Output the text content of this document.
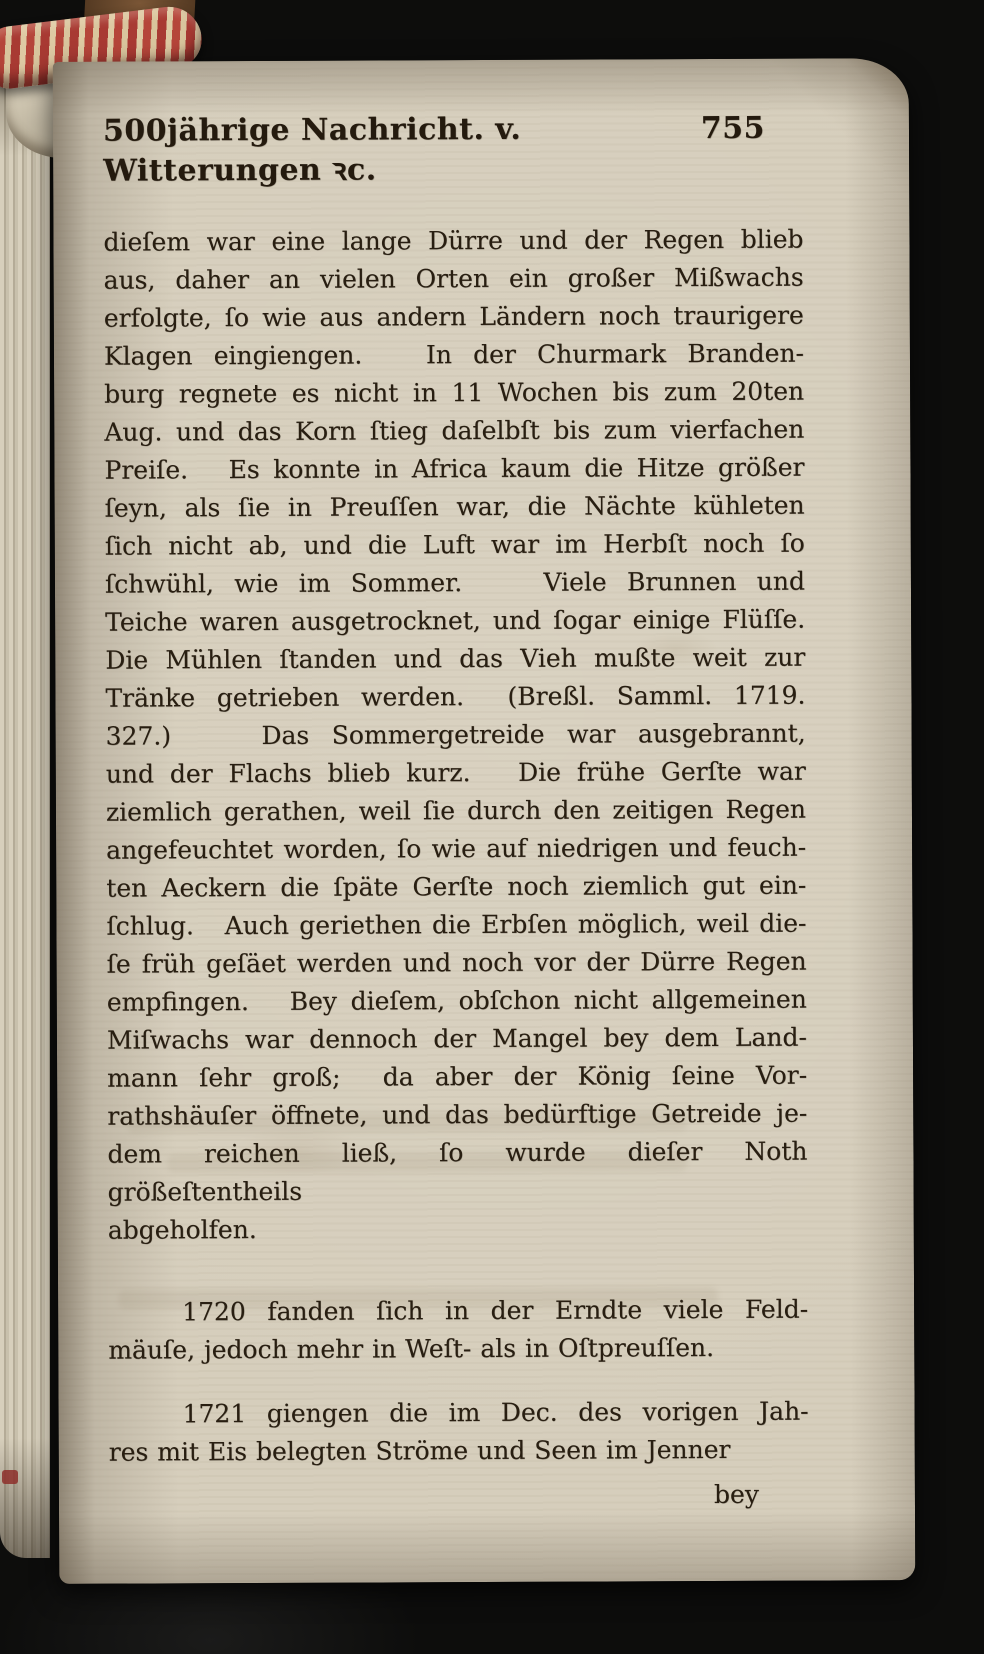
500jährige Nachricht. v. Witterungen ꝛc.
755
dieſem war eine lange Dürre und der Regen blieb
aus, daher an vielen Orten ein großer Mißwachs
erfolgte, ſo wie aus andern Ländern noch traurigere
Klagen eingiengen.   In der Churmark Branden-
burg regnete es nicht in 11 Wochen bis zum 20ten
Aug. und das Korn ſtieg daſelbſt bis zum vierfachen
Preiſe.   Es konnte in Africa kaum die Hitze größer
ſeyn, als ſie in Preuſſen war, die Nächte kühleten
ſich nicht ab, und die Luft war im Herbſt noch ſo
ſchwühl, wie im Sommer.    Viele Brunnen und
Teiche waren ausgetrocknet, und ſogar einige Flüſſe.
Die Mühlen ſtanden und das Vieh mußte weit zur
Tränke getrieben werden.  (Breßl. Samml. 1719.
327.)    Das Sommergetreide war ausgebrannt,
und der Flachs blieb kurz.   Die frühe Gerſte war
ziemlich gerathen, weil ſie durch den zeitigen Regen
angefeuchtet worden, ſo wie auf niedrigen und feuch-
ten Aeckern die ſpäte Gerſte noch ziemlich gut ein-
ſchlug.   Auch geriethen die Erbſen möglich, weil die-
ſe früh geſäet werden und noch vor der Dürre Regen
empfingen.   Bey dieſem, obſchon nicht allgemeinen
Miſwachs war dennoch der Mangel bey dem Land-
mann ſehr groß;  da aber der König ſeine Vor-
rathshäuſer öffnete, und das bedürftige Getreide je-
dem reichen ließ, ſo wurde dieſer Noth größeſtentheils
abgeholfen.
1720 fanden ſich in der Erndte viele Feld-
mäuſe, jedoch mehr in Weſt- als in Oſtpreuſſen.
1721 giengen die im Dec. des vorigen Jah-
res mit Eis belegten Ströme und Seen im Jenner
bey
